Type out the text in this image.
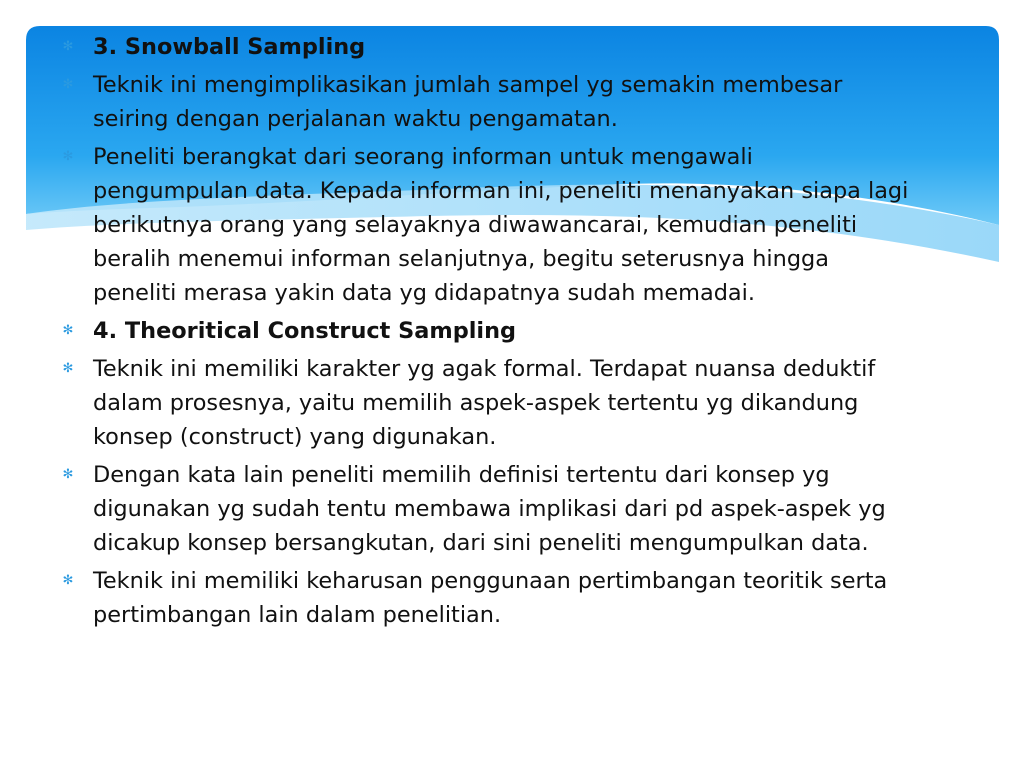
✻ 3. Snowball Sampling
✻ Teknik ini mengimplikasikan jumlah sampel yg semakin membesar
seiring dengan perjalanan waktu pengamatan.
✻ Peneliti berangkat dari seorang informan untuk mengawali
pengumpulan data. Kepada informan ini, peneliti menanyakan siapa lagi
berikutnya orang yang selayaknya diwawancarai, kemudian peneliti
beralih menemui informan selanjutnya, begitu seterusnya hingga
peneliti merasa yakin data yg didapatnya sudah memadai.
✻ 4. Theoritical Construct Sampling
✻ Teknik ini memiliki karakter yg agak formal. Terdapat nuansa deduktif
dalam prosesnya, yaitu memilih aspek-aspek tertentu yg dikandung
konsep (construct) yang digunakan.
✻ Dengan kata lain peneliti memilih definisi tertentu dari konsep yg
digunakan yg sudah tentu membawa implikasi dari pd aspek-aspek yg
dicakup konsep bersangkutan, dari sini peneliti mengumpulkan data.
✻ Teknik ini memiliki keharusan penggunaan pertimbangan teoritik serta
pertimbangan lain dalam penelitian.
